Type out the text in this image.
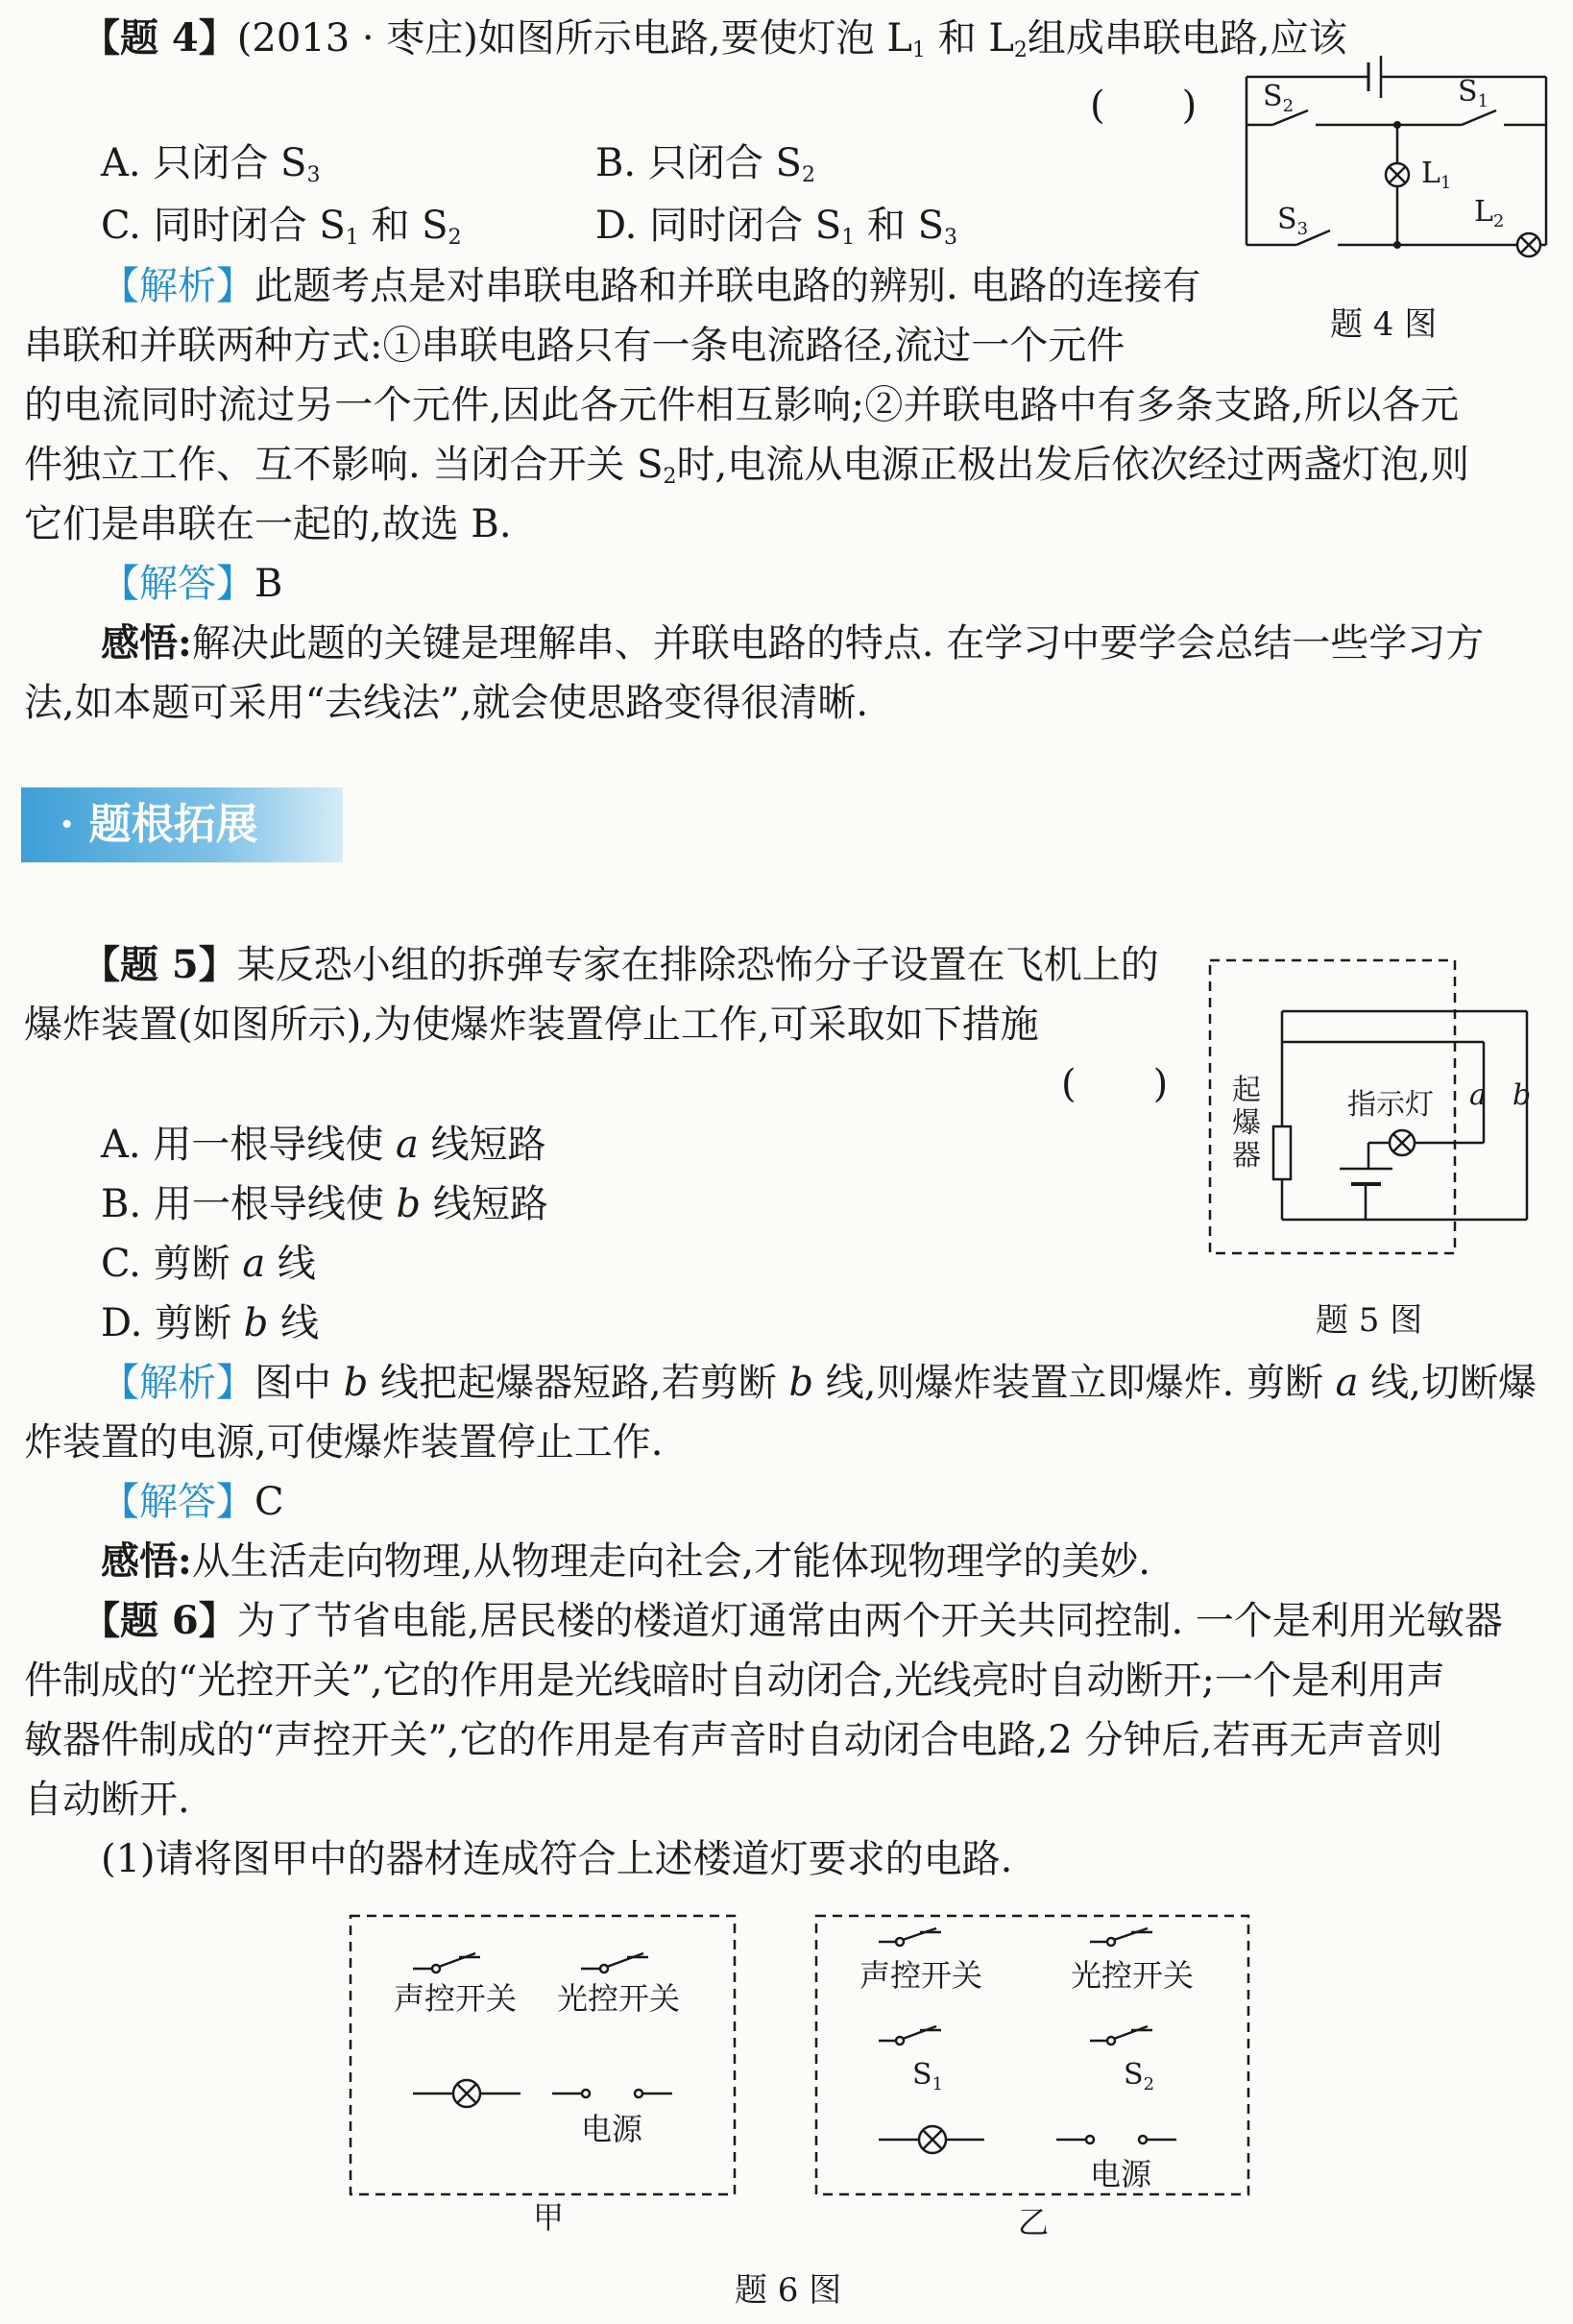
【题 4】(2013 · 枣庄)如图所示电路,要使灯泡 $L_1$ 和 $L_2$组成串联电路,应该
(　　)
A. 只闭合 $S_3$	B. 只闭合 $S_2$
C. 同时闭合 $S_1$ 和 $S_2$	D. 同时闭合 $S_1$ 和 $S_3$
【解析】此题考点是对串联电路和并联电路的辨别. 电路的连接有
串联和并联两种方式:①串联电路只有一条电流路径,流过一个元件
的电流同时流过另一个元件,因此各元件相互影响;②并联电路中有多条支路,所以各元
件独立工作、互不影响. 当闭合开关 $S_2$时,电流从电源正极出发后依次经过两盏灯泡,则
它们是串联在一起的,故选 B.
【解答】B
感悟:解决此题的关键是理解串、并联电路的特点. 在学习中要学会总结一些学习方
法,如本题可采用“去线法”,就会使思路变得很清晰.
$S_2$	$S_1$
$L_1$
$S_3$
$L_2$
题 4 图
· 题根拓展
【题 5】某反恐小组的拆弹专家在排除恐怖分子设置在飞机上的
爆炸装置(如图所示),为使爆炸装置停止工作,可采取如下措施
(　　)
A. 用一根导线使 a 线短路
B. 用一根导线使 b 线短路
C. 剪断 a 线
D. 剪断 b 线
【解析】图中 b 线把起爆器短路,若剪断 b 线,则爆炸装置立即爆炸. 剪断 a 线,切断爆
炸装置的电源,可使爆炸装置停止工作.
【解答】C
感悟:从生活走向物理,从物理走向社会,才能体现物理学的美妙.
b
a
指示灯
起爆器
题 5 图
【题 6】为了节省电能,居民楼的楼道灯通常由两个开关共同控制. 一个是利用光敏器
件制成的“光控开关”,它的作用是光线暗时自动闭合,光线亮时自动断开;一个是利用声
敏器件制成的“声控开关”,它的作用是有声音时自动闭合电路,2 分钟后,若再无声音则
自动断开.
(1)请将图甲中的器材连成符合上述楼道灯要求的电路.
声控开关 光控开关
电源
甲
声控开关	光控开关
$S_1$	$S_2$
电源
乙
题 6 图
